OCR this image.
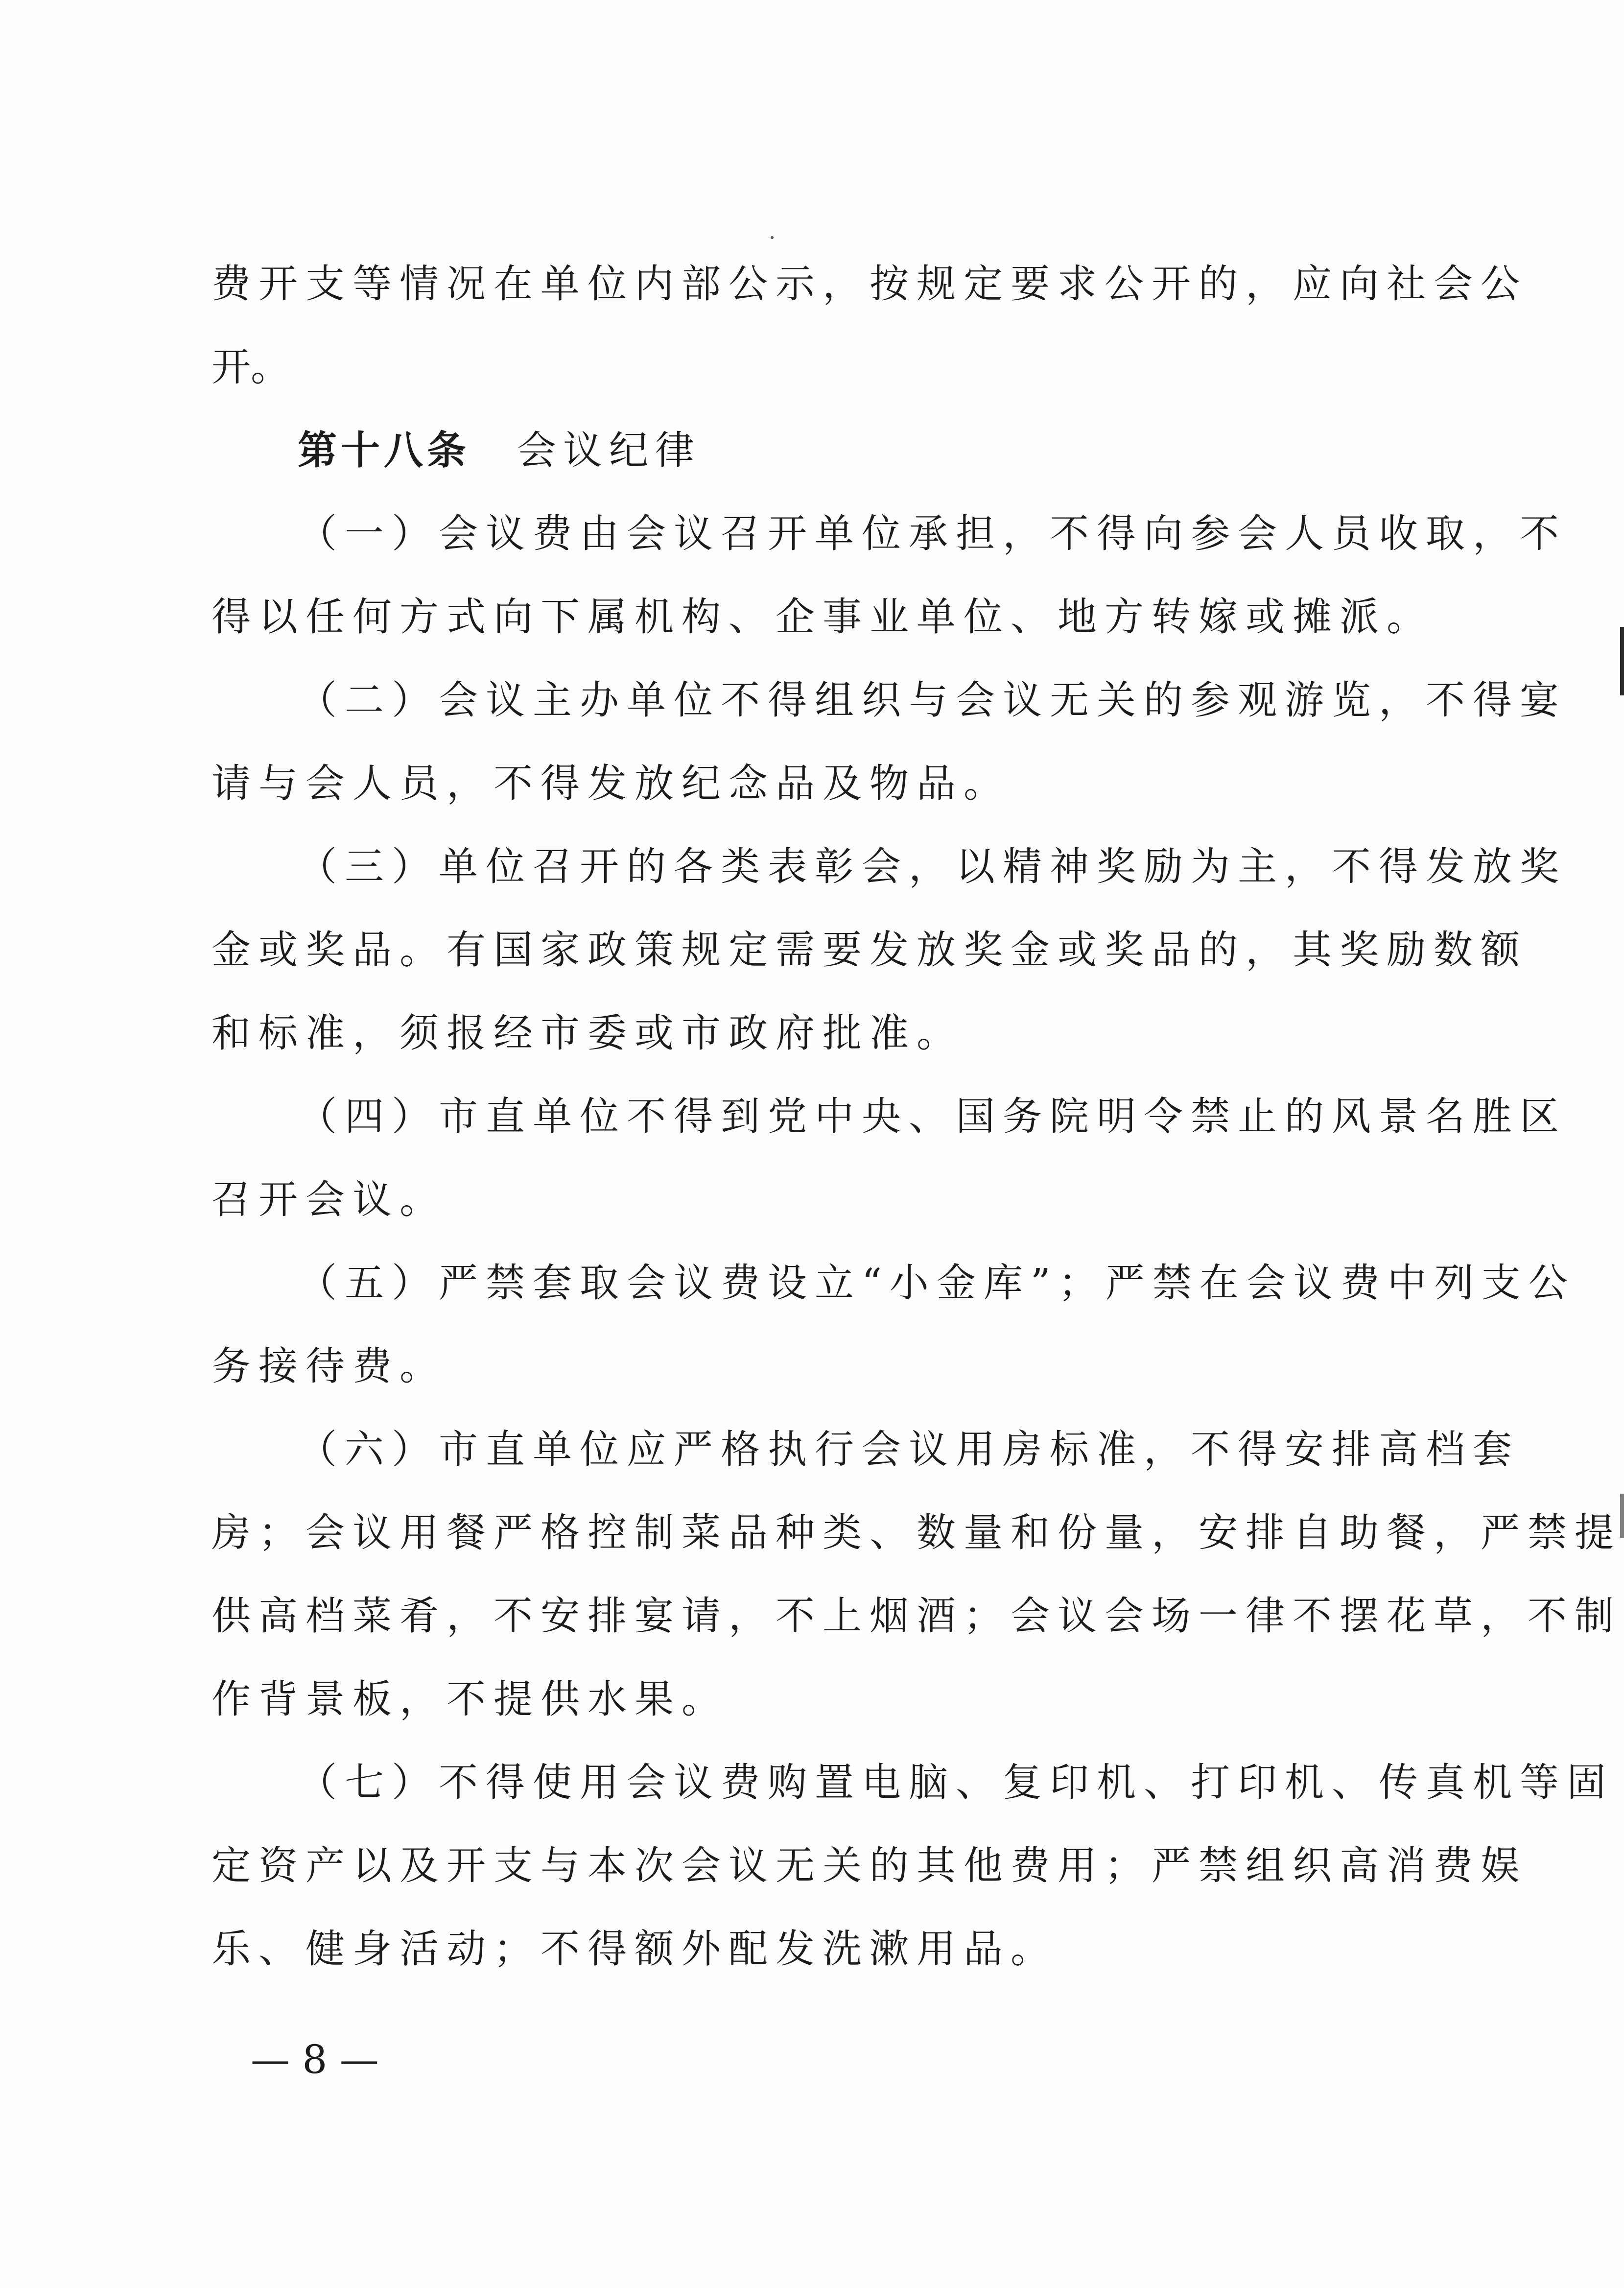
费开支等情况在单位内部公示，按规定要求公开的，应向社会公
开。
第十八条 会议纪律
（一）会议费由会议召开单位承担，不得向参会人员收取，不
得以任何方式向下属机构、企事业单位、地方转嫁或摊派。
（二）会议主办单位不得组织与会议无关的参观游览，不得宴
请与会人员，不得发放纪念品及物品。
（三）单位召开的各类表彰会，以精神奖励为主，不得发放奖
金或奖品。有国家政策规定需要发放奖金或奖品的，其奖励数额
和标准，须报经市委或市政府批准。
（四）市直单位不得到党中央、国务院明令禁止的风景名胜区
召开会议。
（五）严禁套取会议费设立“小金库”；严禁在会议费中列支公
务接待费。
（六）市直单位应严格执行会议用房标准，不得安排高档套
房；会议用餐严格控制菜品种类、数量和份量，安排自助餐，严禁提
供高档菜肴，不安排宴请，不上烟酒；会议会场一律不摆花草，不制
作背景板，不提供水果。
（七）不得使用会议费购置电脑、复印机、打印机、传真机等固
定资产以及开支与本次会议无关的其他费用；严禁组织高消费娱
乐、健身活动；不得额外配发洗漱用品。
— 8 —
